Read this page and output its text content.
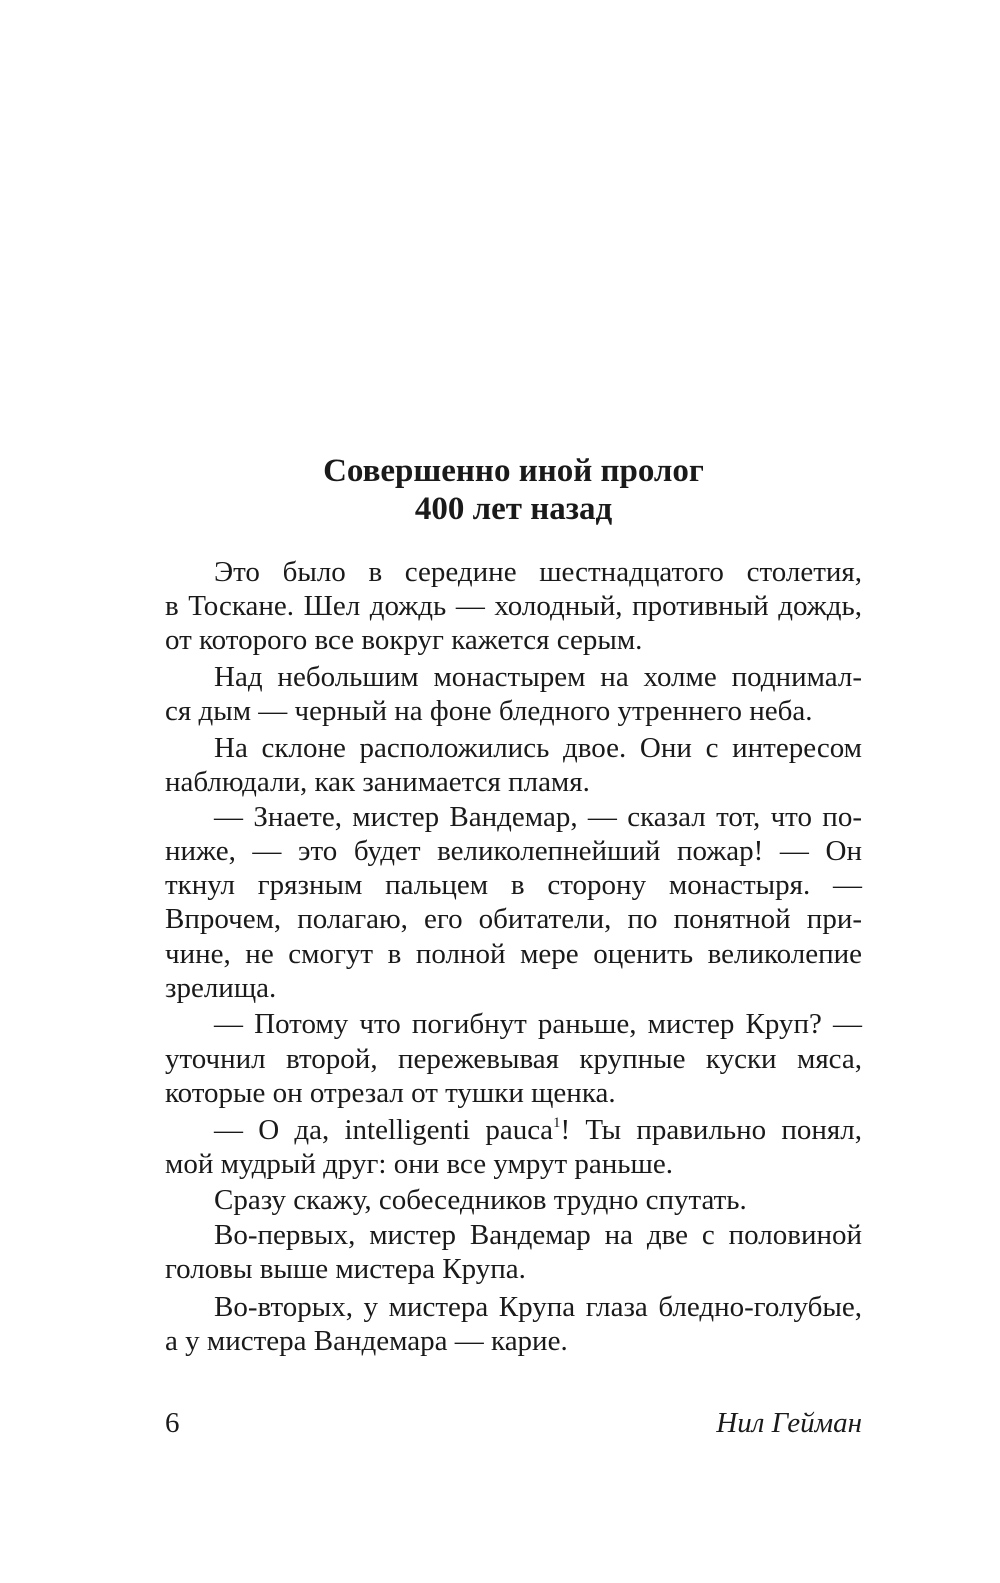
Совершенно иной пролог
400 лет назад
Это было в середине шестнадцатого столетия,
в Тоскане. Шел дождь — холодный, противный дождь,
от которого все вокруг кажется серым.
Над небольшим монастырем на холме поднимал-
ся дым — черный на фоне бледного утреннего неба.
На склоне расположились двое. Они с интересом
наблюдали, как занимается пламя.
— Знаете, мистер Вандемар, — сказал тот, что по-
ниже, — это будет великолепнейший пожар! — Он
ткнул грязным пальцем в сторону монастыря. —
Впрочем, полагаю, его обитатели, по понятной при-
чине, не смогут в полной мере оценить великолепие
зрелища.
— Потому что погибнут раньше, мистер Круп? —
уточнил второй, пережевывая крупные куски мяса,
которые он отрезал от тушки щенка.
— О да, intelligenti pauca$^1$! Ты правильно понял,
мой мудрый друг: они все умрут раньше.
Сразу скажу, собеседников трудно спутать.
Во-первых, мистер Вандемар на две с половиной
головы выше мистера Крупа.
Во-вторых, у мистера Крупа глаза бледно-голубые,
а у мистера Вандемара — карие.
6	Нил Гейман
